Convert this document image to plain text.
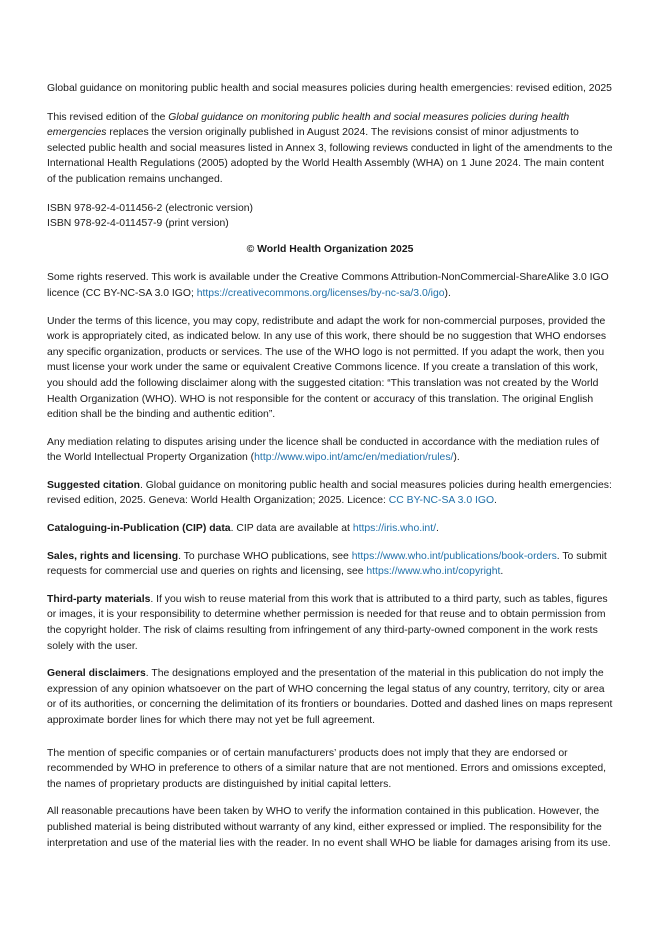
Global guidance on monitoring public health and social measures policies during health emergencies: revised edition, 2025

This revised edition of the Global guidance on monitoring public health and social measures policies during health emergencies replaces the version originally published in August 2024. The revisions consist of minor adjustments to selected public health and social measures listed in Annex 3, following reviews conducted in light of the amendments to the International Health Regulations (2005) adopted by the World Health Assembly (WHA) on 1 June 2024. The main content of the publication remains unchanged.

ISBN 978-92-4-011456-2 (electronic version)

ISBN 978-92-4-011457-9 (print version)

© World Health Organization 2025

Some rights reserved. This work is available under the Creative Commons Attribution-NonCommercial-ShareAlike 3.0 IGO licence (CC BY-NC-SA 3.0 IGO; https://creativecommons.org/licenses/by-nc-sa/3.0/igo).

Under the terms of this licence, you may copy, redistribute and adapt the work for non-commercial purposes, provided the work is appropriately cited, as indicated below. In any use of this work, there should be no suggestion that WHO endorses any specific organization, products or services. The use of the WHO logo is not permitted. If you adapt the work, then you must license your work under the same or equivalent Creative Commons licence. If you create a translation of this work, you should add the following disclaimer along with the suggested citation: “This translation was not created by the World Health Organization (WHO). WHO is not responsible for the content or accuracy of this translation. The original English edition shall be the binding and authentic edition”.

Any mediation relating to disputes arising under the licence shall be conducted in accordance with the mediation rules of the World Intellectual Property Organization (http://www.wipo.int/amc/en/mediation/rules/).

Suggested citation. Global guidance on monitoring public health and social measures policies during health emergencies: revised edition, 2025. Geneva: World Health Organization; 2025. Licence: CC BY-NC-SA 3.0 IGO.

Cataloguing-in-Publication (CIP) data. CIP data are available at https://iris.who.int/.

Sales, rights and licensing. To purchase WHO publications, see https://www.who.int/publications/book-orders. To submit requests for commercial use and queries on rights and licensing, see https://www.who.int/copyright.

Third-party materials. If you wish to reuse material from this work that is attributed to a third party, such as tables, figures or images, it is your responsibility to determine whether permission is needed for that reuse and to obtain permission from the copyright holder. The risk of claims resulting from infringement of any third-party-owned component in the work rests solely with the user.

General disclaimers. The designations employed and the presentation of the material in this publication do not imply the expression of any opinion whatsoever on the part of WHO concerning the legal status of any country, territory, city or area or of its authorities, or concerning the delimitation of its frontiers or boundaries. Dotted and dashed lines on maps represent approximate border lines for which there may not yet be full agreement.

The mention of specific companies or of certain manufacturers’ products does not imply that they are endorsed or recommended by WHO in preference to others of a similar nature that are not mentioned. Errors and omissions excepted, the names of proprietary products are distinguished by initial capital letters.

All reasonable precautions have been taken by WHO to verify the information contained in this publication. However, the published material is being distributed without warranty of any kind, either expressed or implied. The responsibility for the interpretation and use of the material lies with the reader. In no event shall WHO be liable for damages arising from its use.
